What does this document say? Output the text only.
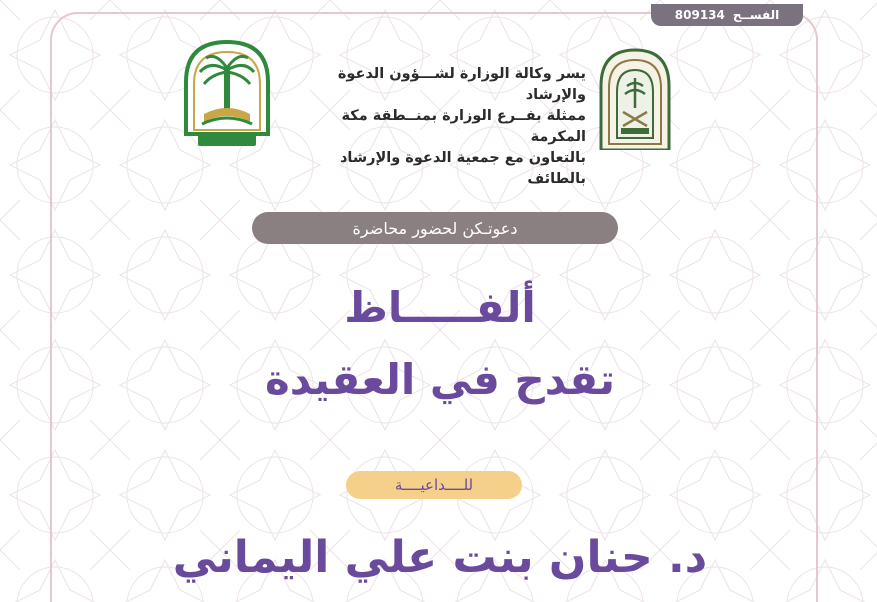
الفســح
809134
يسر وكالة الوزارة لشـــؤون الدعوة والإرشاد
ممثلة بفــرع الوزارة بمنــطقة مكة المكرمة
بالتعاون مع جمعية الدعوة والإرشاد بالطائف
دعوتـكن لحضور محاضرة
ألفـــــاظ
تقدح في العقيدة
للــــداعيــــة
د. حنان بنت علي اليماني
